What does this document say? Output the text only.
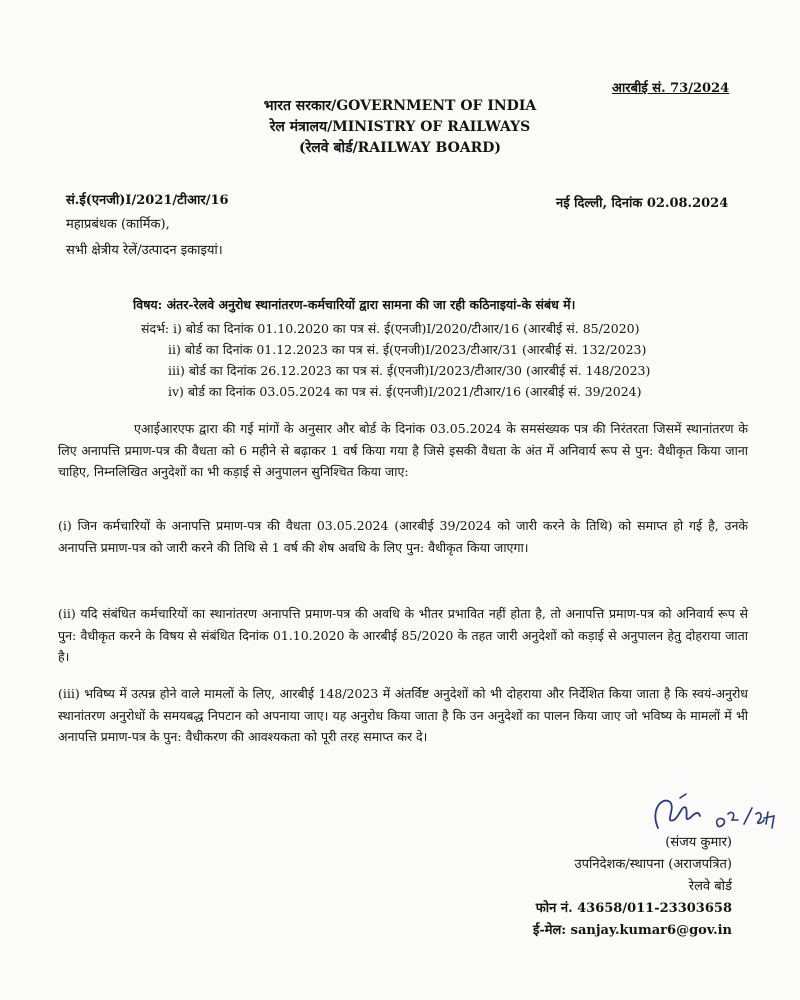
आरबीई सं. 73/2024
भारत सरकार/GOVERNMENT OF INDIA
रेल मंत्रालय/MINISTRY OF RAILWAYS
(रेलवे बोर्ड/RAILWAY BOARD)
सं.ई(एनजी)I/2021/टीआर/16	नई दिल्ली, दिनांक 02.08.2024
महाप्रबंधक (कार्मिक),
सभी क्षेत्रीय रेलें/उत्पादन इकाइयां।
विषय: अंतर-रेलवे अनुरोध स्थानांतरण-कर्मचारियों द्वारा सामना की जा रही कठिनाइयां-के संबंध में।
संदर्भ: i) बोर्ड का दिनांक 01.10.2020 का पत्र सं. ई(एनजी)I/2020/टीआर/16 (आरबीई सं. 85/2020)
ii) बोर्ड का दिनांक 01.12.2023 का पत्र सं. ई(एनजी)I/2023/टीआर/31 (आरबीई सं. 132/2023)
iii) बोर्ड का दिनांक 26.12.2023 का पत्र सं. ई(एनजी)I/2023/टीआर/30 (आरबीई सं. 148/2023)
iv) बोर्ड का दिनांक 03.05.2024 का पत्र सं. ई(एनजी)I/2021/टीआर/16 (आरबीई सं. 39/2024)
एआईआरएफ द्वारा की गई मांगों के अनुसार और बोर्ड के दिनांक 03.05.2024 के समसंख्यक पत्र की निरंतरता जिसमें स्थानांतरण के लिए अनापत्ति प्रमाण-पत्र की वैधता को 6 महीने से बढ़ाकर 1 वर्ष किया गया है जिसे इसकी वैधता के अंत में अनिवार्य रूप से पुन: वैधीकृत किया जाना चाहिए, निम्नलिखित अनुदेशों का भी कड़ाई से अनुपालन सुनिश्चित किया जाए:
(i) जिन कर्मचारियों के अनापत्ति प्रमाण-पत्र की वैधता 03.05.2024 (आरबीई 39/2024 को जारी करने के तिथि) को समाप्त हो गई है, उनके अनापत्ति प्रमाण-पत्र को जारी करने की तिथि से 1 वर्ष की शेष अवधि के लिए पुन: वैधीकृत किया जाएगा।
(ii) यदि संबंधित कर्मचारियों का स्थानांतरण अनापत्ति प्रमाण-पत्र की अवधि के भीतर प्रभावित नहीं होता है, तो अनापत्ति प्रमाण-पत्र को अनिवार्य रूप से पुन: वैधीकृत करने के विषय से संबंधित दिनांक 01.10.2020 के आरबीई 85/2020 के तहत जारी अनुदेशों को कड़ाई से अनुपालन हेतु दोहराया जाता है।
(iii) भविष्य में उत्पन्न होने वाले मामलों के लिए, आरबीई 148/2023 में अंतर्विष्ट अनुदेशों को भी दोहराया और निर्देशित किया जाता है कि स्वयं-अनुरोध स्थानांतरण अनुरोधों के समयबद्ध निपटान को अपनाया जाए। यह अनुरोध किया जाता है कि उन अनुदेशों का पालन किया जाए जो भविष्य के मामलों में भी अनापत्ति प्रमाण-पत्र के पुन: वैधीकरण की आवश्यकता को पूरी तरह समाप्त कर दे।
(संजय कुमार)
उपनिदेशक/स्थापना (अराजपत्रित)
रेलवे बोर्ड
फोन नं. 43658/011-23303658
ई-मेल: sanjay.kumar6@gov.in
